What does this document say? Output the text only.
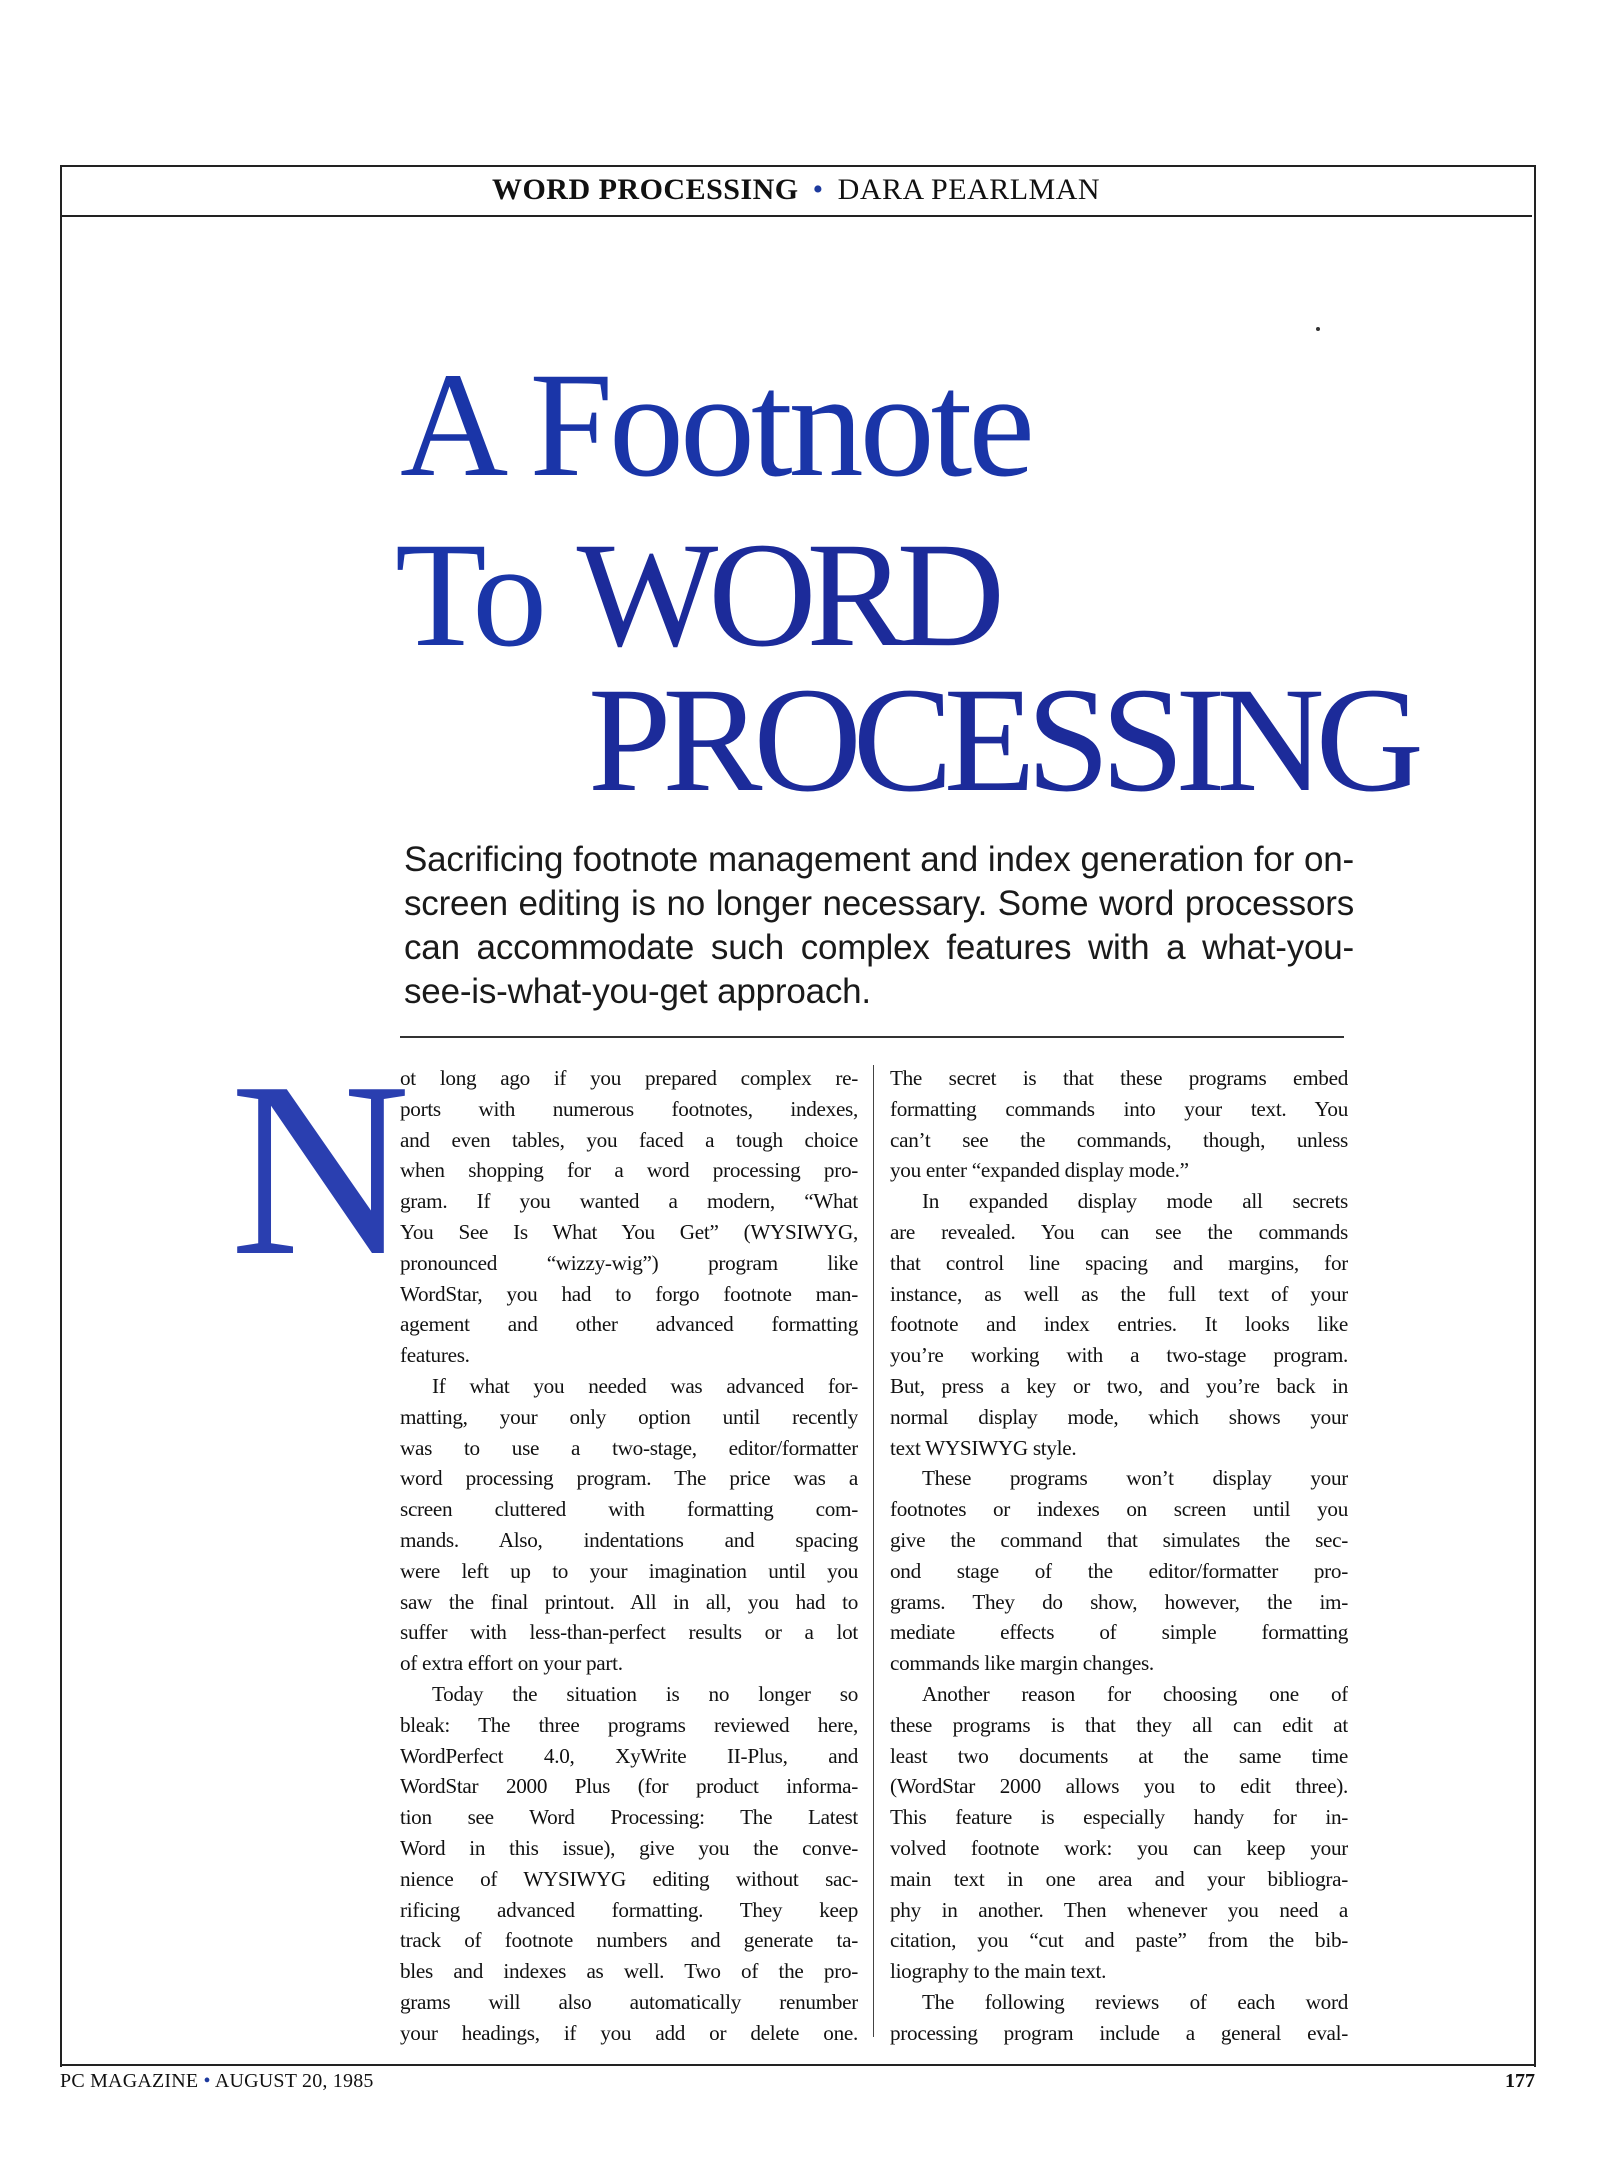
WORD PROCESSING • DARA PEARLMAN
A Footnote
To WORD
PROCESSING
Sacrificing footnote management and index generation for on-screen editing is no longer necessary. Some word processors can accommodate such complex features with a what-you-see-is-what-you-get approach.
N
ot long ago if you prepared complex re-
ports with numerous footnotes, indexes,
and even tables, you faced a tough choice
when shopping for a word processing pro-
gram. If you wanted a modern, “What
You See Is What You Get” (WYSIWYG,
pronounced “wizzy-wig”) program like
WordStar, you had to forgo footnote man-
agement and other advanced formatting
features.
If what you needed was advanced for-
matting, your only option until recently
was to use a two-stage, editor/formatter
word processing program. The price was a
screen cluttered with formatting com-
mands. Also, indentations and spacing
were left up to your imagination until you
saw the final printout. All in all, you had to
suffer with less-than-perfect results or a lot
of extra effort on your part.
Today the situation is no longer so
bleak: The three programs reviewed here,
WordPerfect 4.0, XyWrite II-Plus, and
WordStar 2000 Plus (for product informa-
tion see Word Processing: The Latest
Word in this issue), give you the conve-
nience of WYSIWYG editing without sac-
rificing advanced formatting. They keep
track of footnote numbers and generate ta-
bles and indexes as well. Two of the pro-
grams will also automatically renumber
your headings, if you add or delete one.
The secret is that these programs embed
formatting commands into your text. You
can’t see the commands, though, unless
you enter “expanded display mode.”
In expanded display mode all secrets
are revealed. You can see the commands
that control line spacing and margins, for
instance, as well as the full text of your
footnote and index entries. It looks like
you’re working with a two-stage program.
But, press a key or two, and you’re back in
normal display mode, which shows your
text WYSIWYG style.
These programs won’t display your
footnotes or indexes on screen until you
give the command that simulates the sec-
ond stage of the editor/formatter pro-
grams. They do show, however, the im-
mediate effects of simple formatting
commands like margin changes.
Another reason for choosing one of
these programs is that they all can edit at
least two documents at the same time
(WordStar 2000 allows you to edit three).
This feature is especially handy for in-
volved footnote work: you can keep your
main text in one area and your bibliogra-
phy in another. Then whenever you need a
citation, you “cut and paste” from the bib-
liography to the main text.
The following reviews of each word
processing program include a general eval-
PC MAGAZINE • AUGUST 20, 1985	177
